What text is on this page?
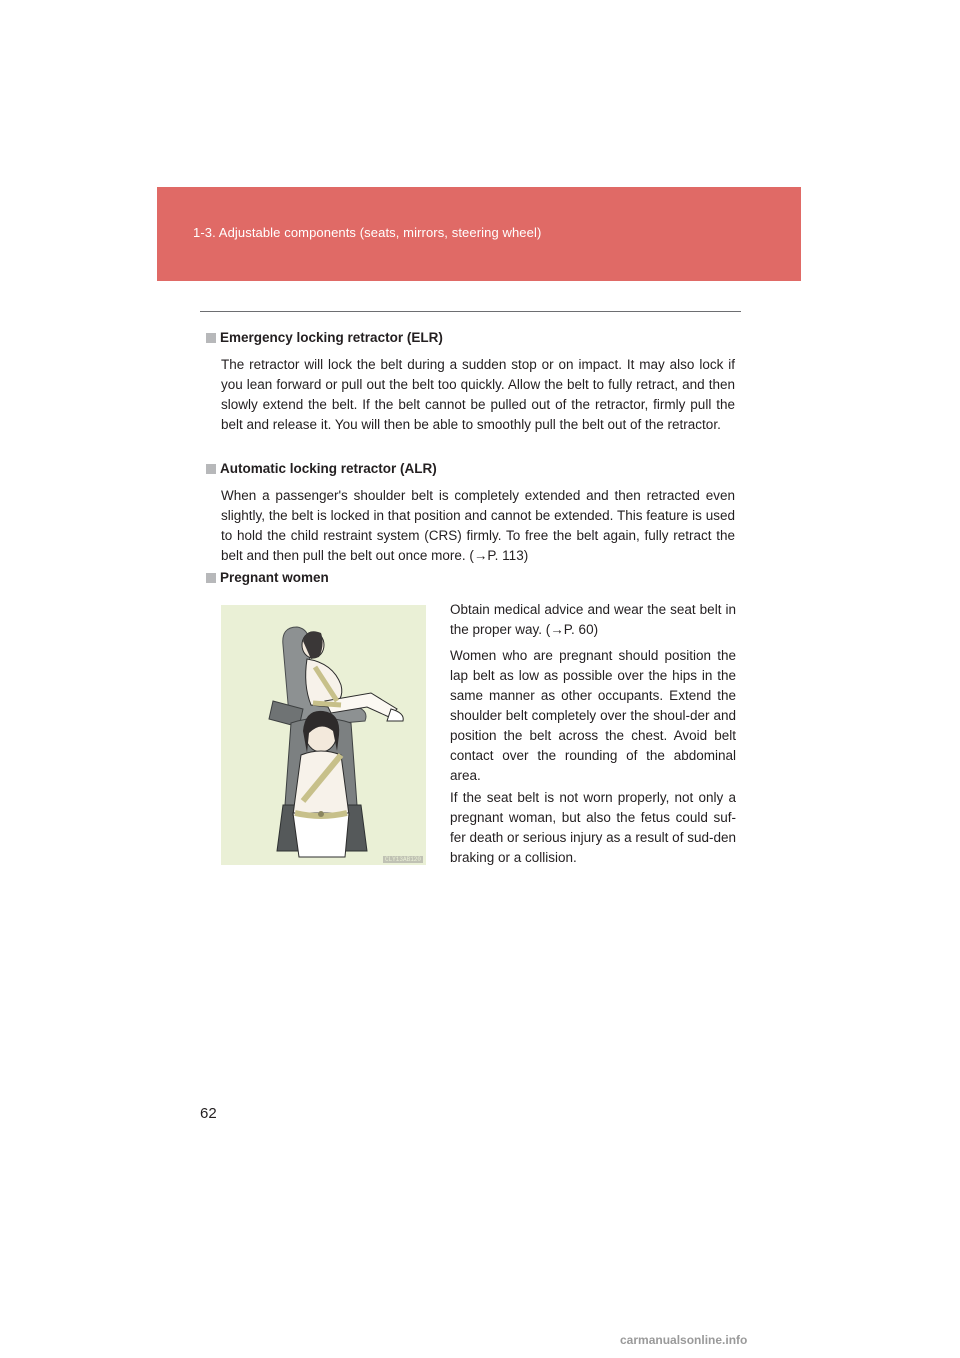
1-3. Adjustable components (seats, mirrors, steering wheel)
Emergency locking retractor (ELR)

The retractor will lock the belt during a sudden stop or on impact. It may also lock if you lean forward or pull out the belt too quickly. Allow the belt to fully retract, and then slowly extend the belt. If the belt cannot be pulled out of the retractor, firmly pull the belt and release it. You will then be able to smoothly pull the belt out of the retractor.

Automatic locking retractor (ALR)

When a passenger's shoulder belt is completely extended and then retracted even slightly, the belt is locked in that position and cannot be extended. This feature is used to hold the child restraint system (CRS) firmly. To free the belt again, fully retract the belt and then pull the belt out once more. (→P. 113)

Pregnant women
CLY13AB120

Obtain medical advice and wear the seat belt in the proper way. (→P. 60)

Women who are pregnant should position the lap belt as low as possible over the hips in the same manner as other occupants. Extend the shoulder belt completely over the shoul-der and position the belt across the chest. Avoid belt contact over the rounding of the abdominal area.

If the seat belt is not worn properly, not only a pregnant woman, but also the fetus could suf-fer death or serious injury as a result of sud-den braking or a collision.

62
carmanualsonline.info
